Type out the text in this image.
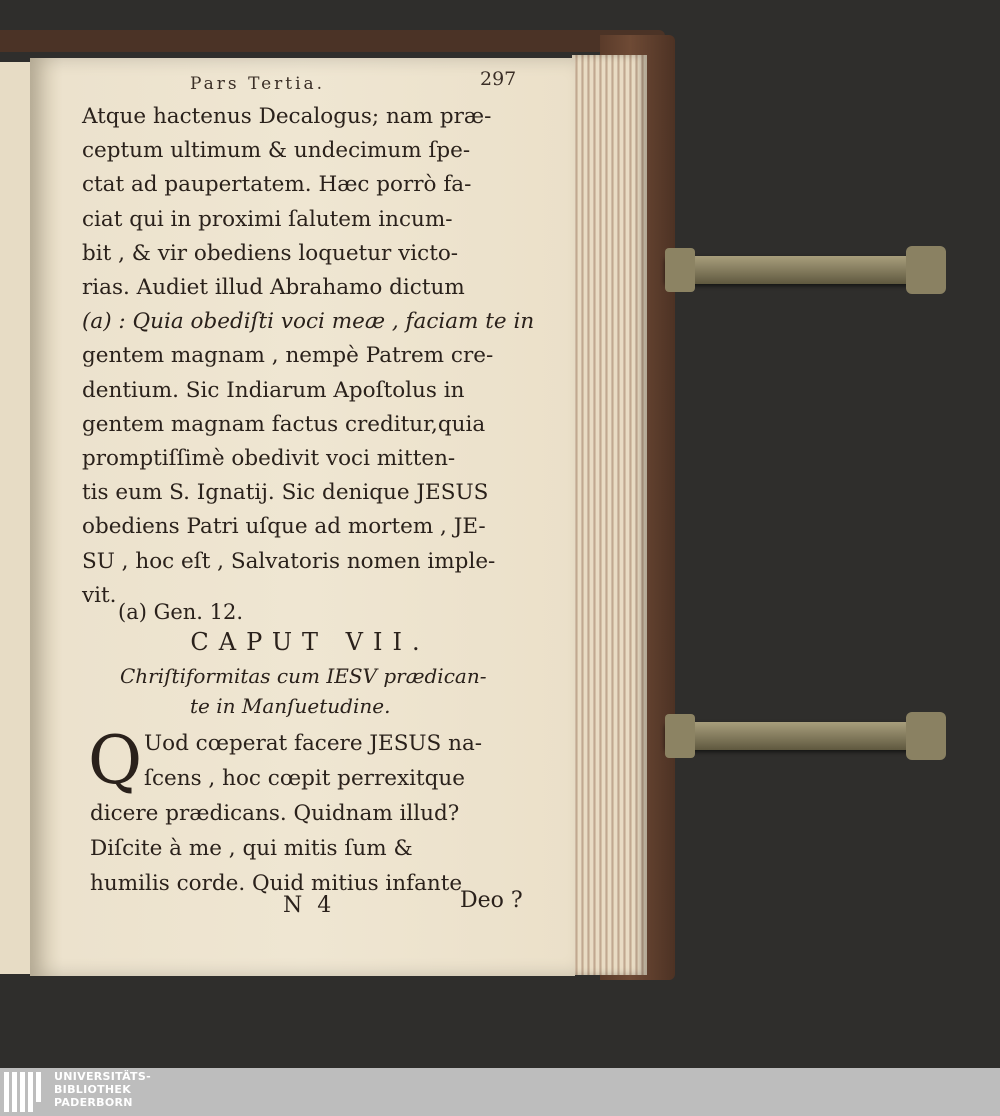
Pars Tertia.	297
Atque hactenus Decalogus; nam præ-
ceptum ultimum & undecimum ſpe-
ctat ad paupertatem. Hæc porrò fa-
ciat qui in proximi ſalutem incum-
bit , & vir obediens loquetur victo-
rias. Audiet illud Abrahamo dictum
(a) : Quia obediſti voci meæ , faciam te in
gentem magnam , nempè Patrem cre-
dentium. Sic Indiarum Apoſtolus in
gentem magnam factus creditur,quia
promptiſſimè obedivit voci mitten-
tis eum S. Ignatij. Sic denique JESUS
obediens Patri uſque ad mortem , JE-
SU , hoc eſt , Salvatoris nomen imple-
vit.
(a) Gen. 12.
CAPUT VII.
Chriſtiformitas cum IESV prædican-
te in Manſuetudine.
Q Uod cœperat facere JESUS na-
ſcens , hoc cœpit perrexitque
dicere prædicans. Quidnam illud?
Diſcite à me , qui mitis ſum &
humilis corde. Quid mitius infante
N 4	Deo ?
UNIVERSITÄTS-
BIBLIOTHEK
PADERBORN
